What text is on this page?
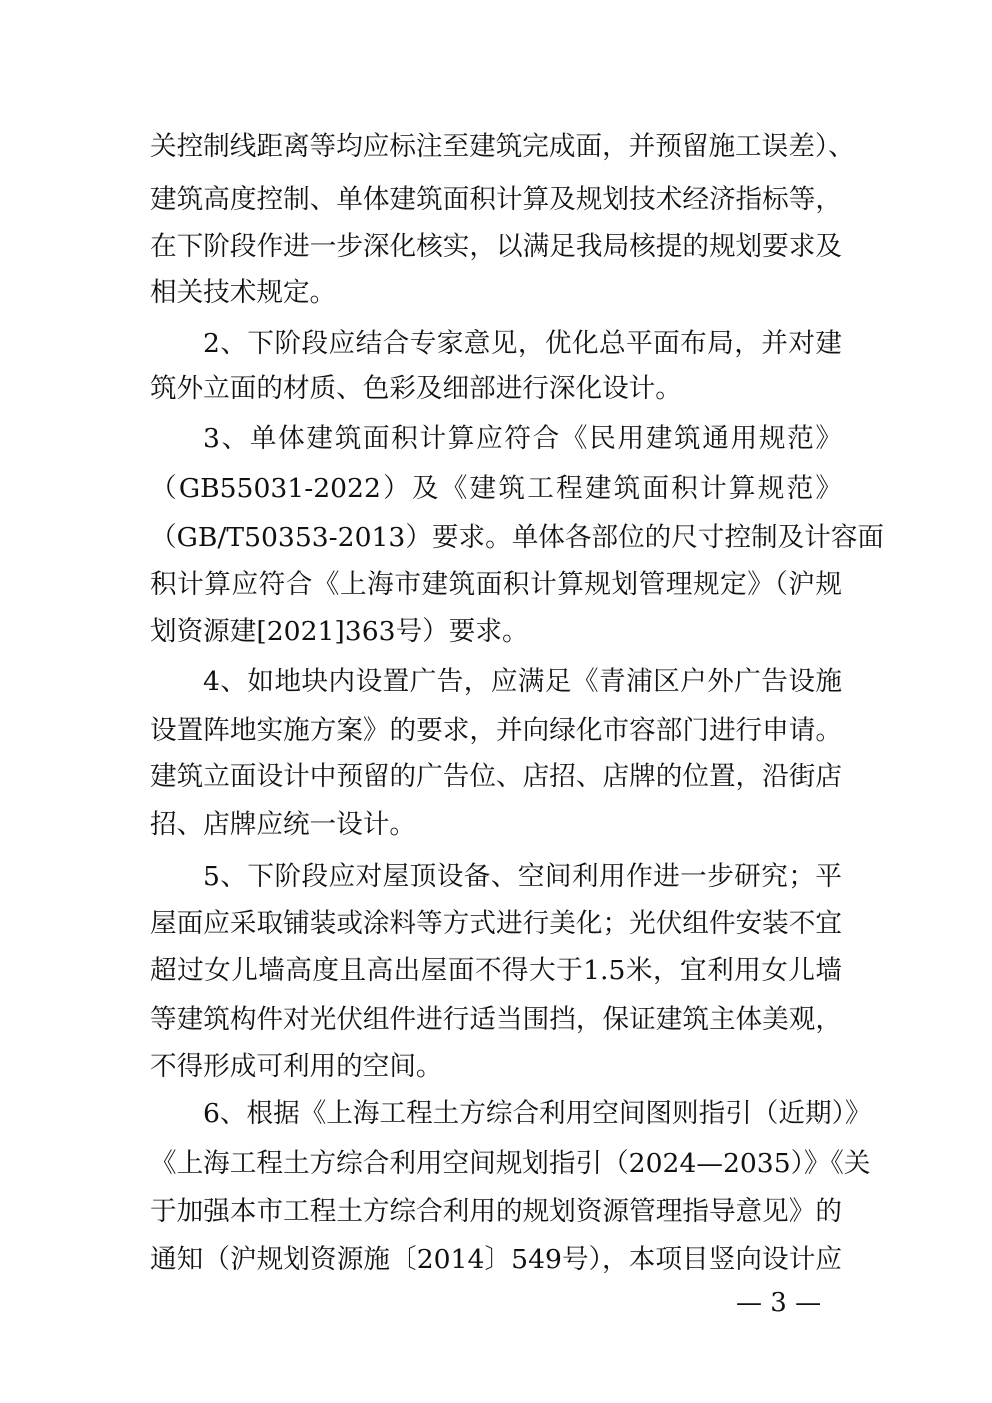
关控制线距离等均应标注至建筑完成面，并预留施工误差）、
建筑高度控制、单体建筑面积计算及规划技术经济指标等，
在下阶段作进一步深化核实，以满足我局核提的规划要求及
相关技术规定。
2、下阶段应结合专家意见，优化总平面布局，并对建
筑外立面的材质、色彩及细部进行深化设计。
3、单体建筑面积计算应符合《民用建筑通用规范》
（GB55031-2022）及《建筑工程建筑面积计算规范》
（GB/T50353-2013）要求。单体各部位的尺寸控制及计容面
积计算应符合《上海市建筑面积计算规划管理规定》（沪规
划资源建[2021]363号）要求。
4、如地块内设置广告，应满足《青浦区户外广告设施
设置阵地实施方案》的要求，并向绿化市容部门进行申请。
建筑立面设计中预留的广告位、店招、店牌的位置，沿街店
招、店牌应统一设计。
5、下阶段应对屋顶设备、空间利用作进一步研究；平
屋面应采取铺装或涂料等方式进行美化；光伏组件安装不宜
超过女儿墙高度且高出屋面不得大于1.5米，宜利用女儿墙
等建筑构件对光伏组件进行适当围挡，保证建筑主体美观，
不得形成可利用的空间。
6、根据《上海工程土方综合利用空间图则指引（近期）》
《上海工程土方综合利用空间规划指引（2024—2035）》《关
于加强本市工程土方综合利用的规划资源管理指导意见》的
通知（沪规划资源施〔2014〕549号），本项目竖向设计应
— 3 —
